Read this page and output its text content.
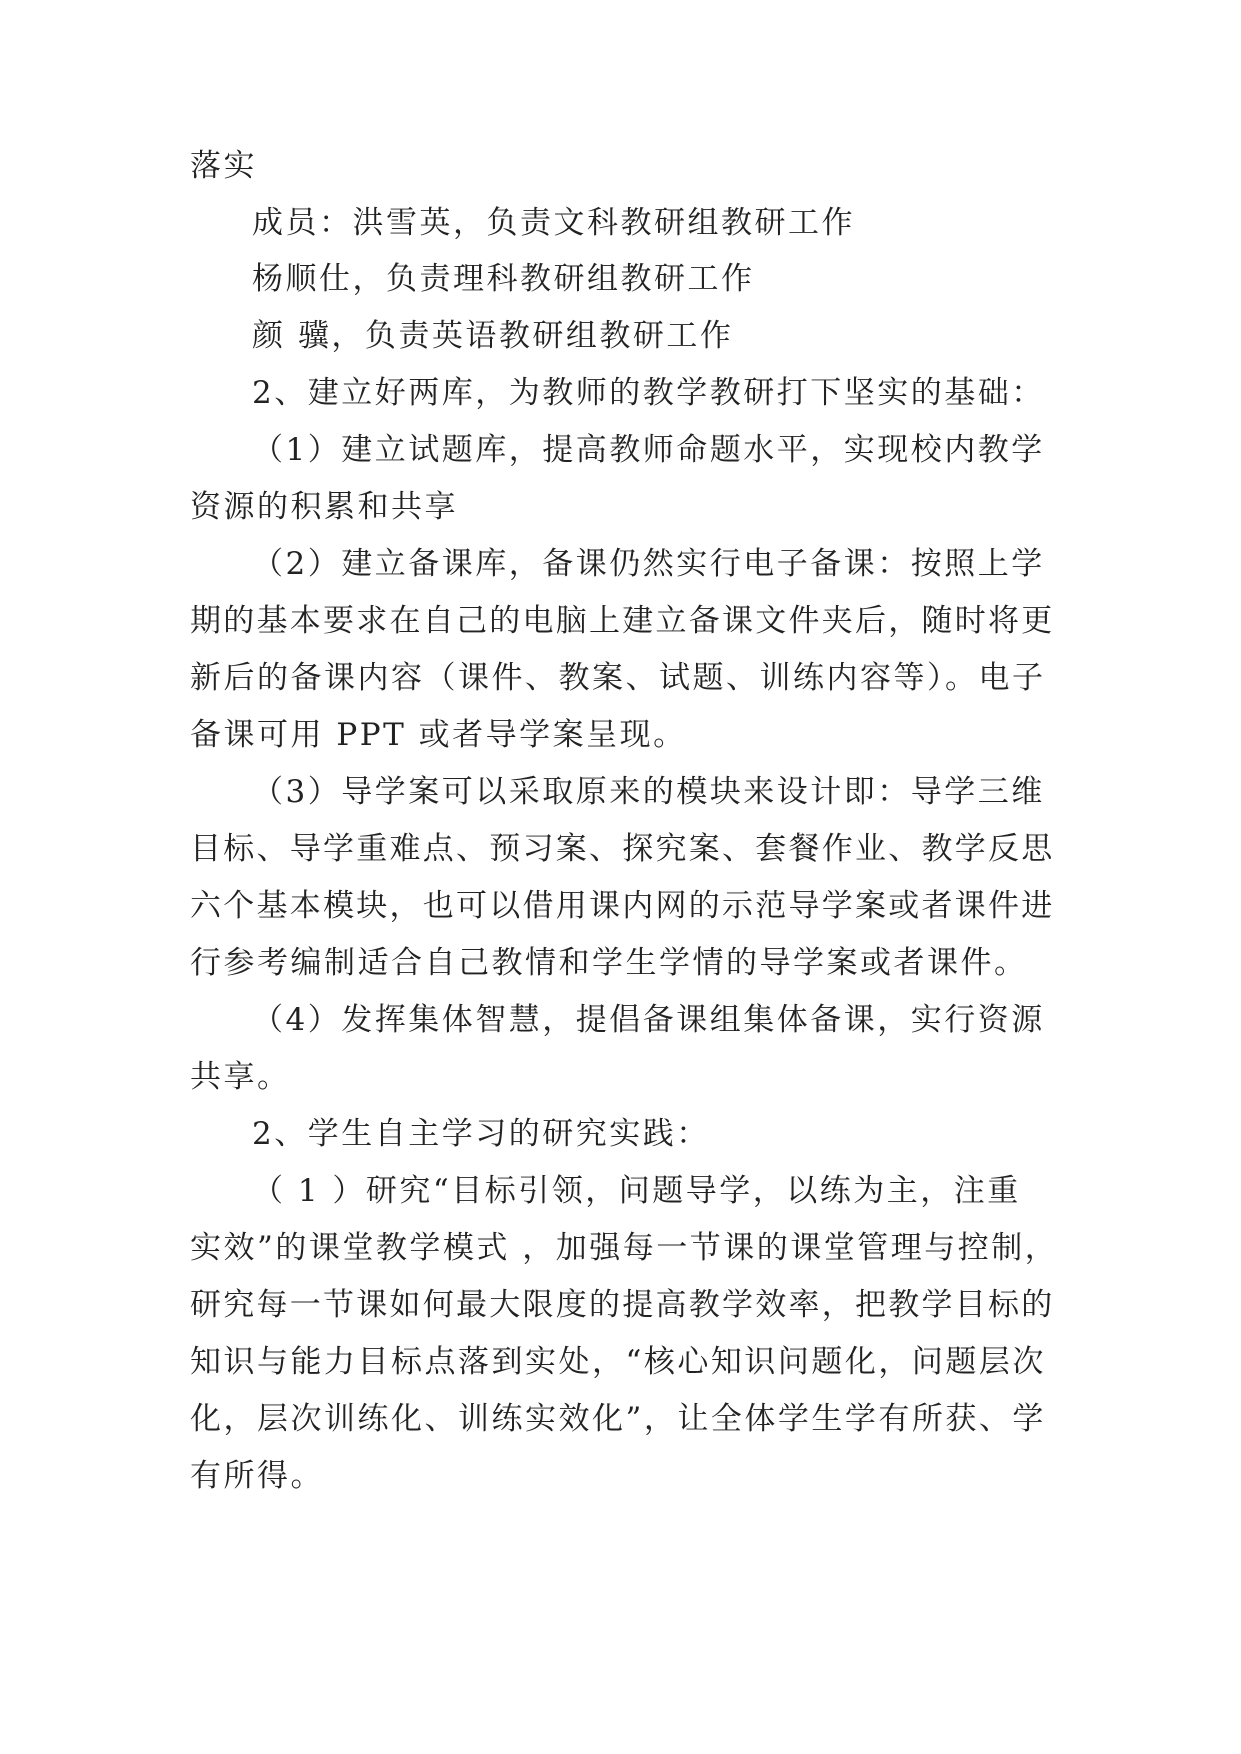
落实
成员：洪雪英，负责文科教研组教研工作
杨顺仕，负责理科教研组教研工作
颜 骥，负责英语教研组教研工作
2、建立好两库，为教师的教学教研打下坚实的基础：
（1）建立试题库，提高教师命题水平，实现校内教学
资源的积累和共享
（2）建立备课库，备课仍然实行电子备课：按照上学
期的基本要求在自己的电脑上建立备课文件夹后，随时将更
新后的备课内容（课件、教案、试题、训练内容等）。电子
备课可用 PPT 或者导学案呈现。
（3）导学案可以采取原来的模块来设计即：导学三维
目标、导学重难点、预习案、探究案、套餐作业、教学反思
六个基本模块，也可以借用课内网的示范导学案或者课件进
行参考编制适合自己教情和学生学情的导学案或者课件。
（4）发挥集体智慧，提倡备课组集体备课，实行资源
共享。
2、学生自主学习的研究实践：
（ 1 ）研究“目标引领，问题导学，以练为主，注重
实效”的课堂教学模式 ，加强每一节课的课堂管理与控制，
研究每一节课如何最大限度的提高教学效率，把教学目标的
知识与能力目标点落到实处，“核心知识问题化，问题层次
化，层次训练化、训练实效化”，让全体学生学有所获、学
有所得。
